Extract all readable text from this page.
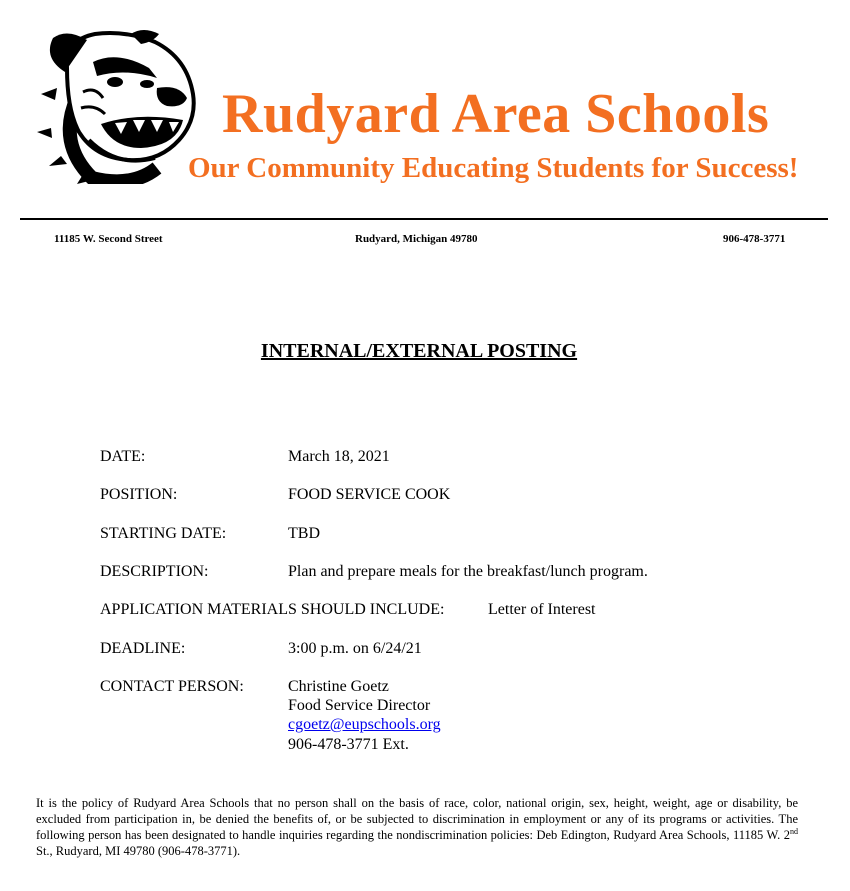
Rudyard Area Schools
Our Community Educating Students for Success!
11185 W. Second Street	Rudyard, Michigan 49780	906-478-3771
INTERNAL/EXTERNAL POSTING
DATE:	March 18, 2021
POSITION:	FOOD SERVICE COOK
STARTING DATE:	TBD
DESCRIPTION:	Plan and prepare meals for the breakfast/lunch program.
APPLICATION MATERIALS SHOULD INCLUDE:	Letter of Interest
DEADLINE:	3:00 p.m. on 6/24/21
CONTACT PERSON:	Christine Goetz
Food Service Director
cgoetz@eupschools.org
906-478-3771 Ext.
It is the policy of Rudyard Area Schools that no person shall on the basis of race, color, national origin, sex, height, weight, age or disability, be excluded from participation in, be denied the benefits of, or be subjected to discrimination in employment or any of its programs or activities. The following person has been designated to handle inquiries regarding the nondiscrimination policies: Deb Edington, Rudyard Area Schools, 11185 W. 2nd St., Rudyard, MI 49780 (906-478-3771).
